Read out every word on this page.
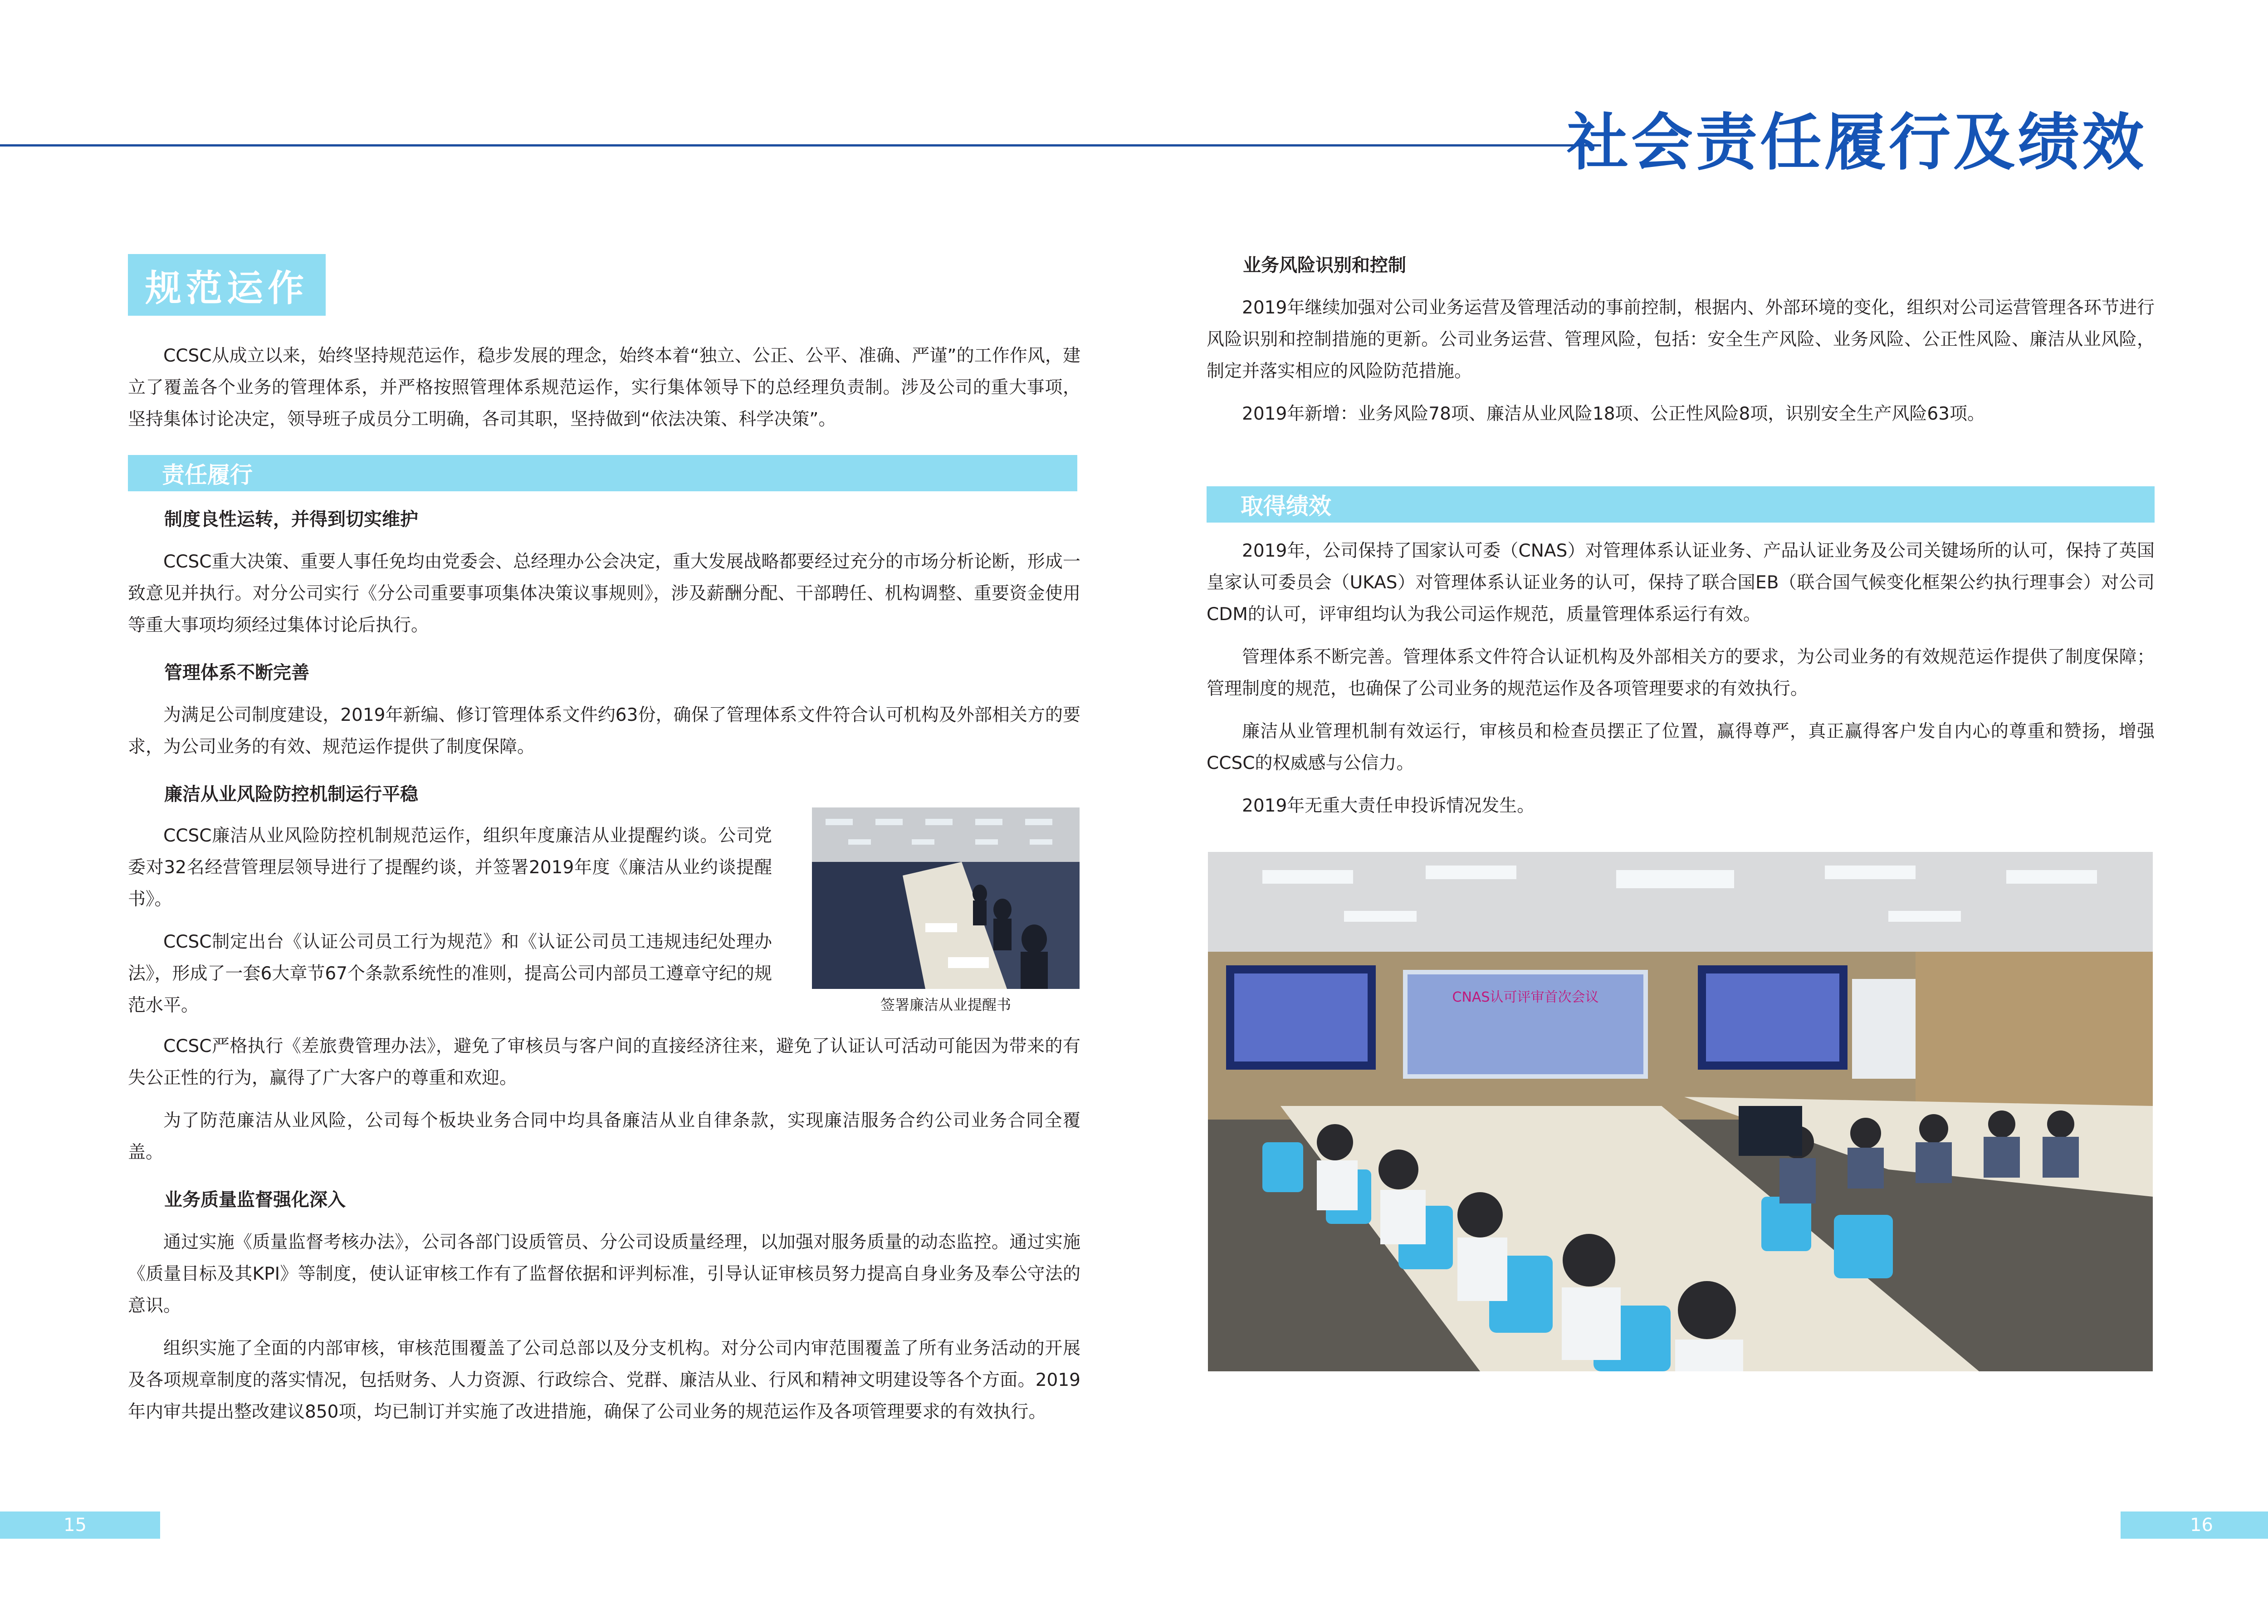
社会责任履行及绩效
规范运作

CCSC从成立以来，始终坚持规范运作，稳步发展的理念，始终本着“独立、公正、公平、准确、严谨”的工作作风，建立了覆盖各个业务的管理体系，并严格按照管理体系规范运作，实行集体领导下的总经理负责制。涉及公司的重大事项，坚持集体讨论决定，领导班子成员分工明确，各司其职，坚持做到“依法决策、科学决策”。

责任履行

制度良性运转，并得到切实维护

CCSC重大决策、重要人事任免均由党委会、总经理办公会决定，重大发展战略都要经过充分的市场分析论断，形成一致意见并执行。对分公司实行《分公司重要事项集体决策议事规则》，涉及薪酬分配、干部聘任、机构调整、重要资金使用等重大事项均须经过集体讨论后执行。

管理体系不断完善

为满足公司制度建设，2019年新编、修订管理体系文件约63份，确保了管理体系文件符合认可机构及外部相关方的要求，为公司业务的有效、规范运作提供了制度保障。

廉洁从业风险防控机制运行平稳

CCSC廉洁从业风险防控机制规范运作，组织年度廉洁从业提醒约谈。公司党委对32名经营管理层领导进行了提醒约谈，并签署2019年度《廉洁从业约谈提醒书》。

CCSC制定出台《认证公司员工行为规范》和《认证公司员工违规违纪处理办法》，形成了一套6大章节67个条款系统性的准则，提高公司内部员工遵章守纪的规范水平。	签署廉洁从业提醒书

CCSC严格执行《差旅费管理办法》，避免了审核员与客户间的直接经济往来，避免了认证认可活动可能因为带来的有失公正性的行为，赢得了广大客户的尊重和欢迎。

为了防范廉洁从业风险，公司每个板块业务合同中均具备廉洁从业自律条款，实现廉洁服务合约公司业务合同全覆盖。

业务质量监督强化深入

通过实施《质量监督考核办法》，公司各部门设质管员、分公司设质量经理，以加强对服务质量的动态监控。通过实施《质量目标及其KPI》等制度，使认证审核工作有了监督依据和评判标准，引导认证审核员努力提高自身业务及奉公守法的意识。

组织实施了全面的内部审核，审核范围覆盖了公司总部以及分支机构。对分公司内审范围覆盖了所有业务活动的开展及各项规章制度的落实情况，包括财务、人力资源、行政综合、党群、廉洁从业、行风和精神文明建设等各个方面。2019年内审共提出整改建议850项，均已制订并实施了改进措施，确保了公司业务的规范运作及各项管理要求的有效执行。

业务风险识别和控制

2019年继续加强对公司业务运营及管理活动的事前控制，根据内、外部环境的变化，组织对公司运营管理各环节进行风险识别和控制措施的更新。公司业务运营、管理风险，包括：安全生产风险、业务风险、公正性风险、廉洁从业风险，制定并落实相应的风险防范措施。

2019年新增：业务风险78项、廉洁从业风险18项、公正性风险8项，识别安全生产风险63项。

取得绩效

2019年，公司保持了国家认可委（CNAS）对管理体系认证业务、产品认证业务及公司关键场所的认可，保持了英国皇家认可委员会（UKAS）对管理体系认证业务的认可，保持了联合国EB（联合国气候变化框架公约执行理事会）对公司CDM的认可，评审组均认为我公司运作规范，质量管理体系运行有效。

管理体系不断完善。管理体系文件符合认证机构及外部相关方的要求，为公司业务的有效规范运作提供了制度保障；管理制度的规范，也确保了公司业务的规范运作及各项管理要求的有效执行。

廉洁从业管理机制有效运行，审核员和检查员摆正了位置，赢得尊严，真正赢得客户发自内心的尊重和赞扬，增强CCSC的权威感与公信力。

2019年无重大责任申投诉情况发生。

CNAS认可评审首次会议
15	16
